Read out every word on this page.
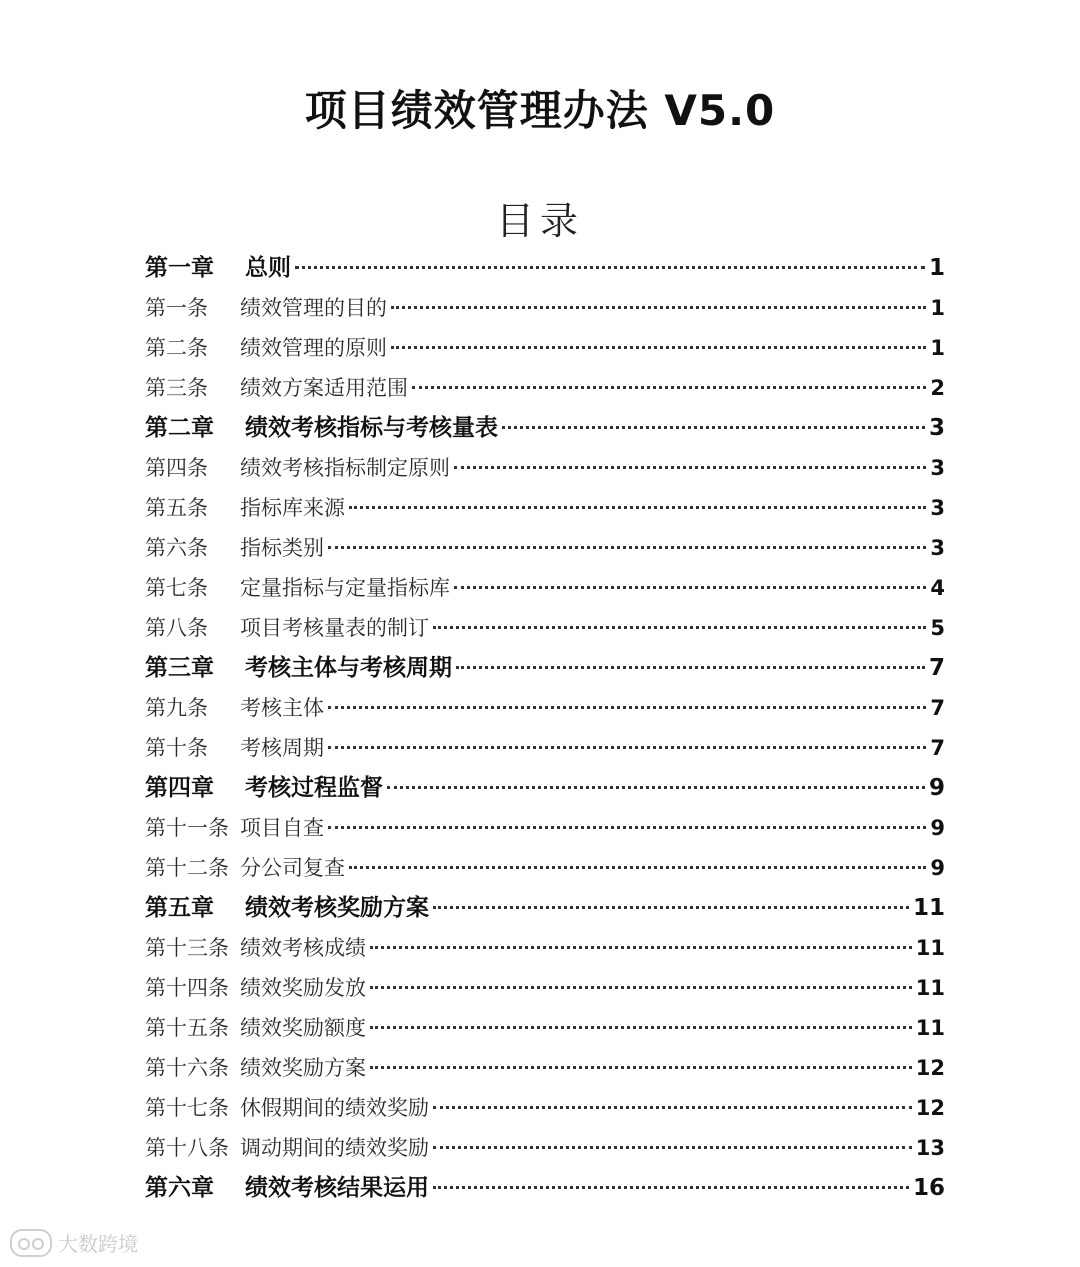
项目绩效管理办法 V5.0
目录
第一章	总则	1
第一条	绩效管理的目的	1
第二条	绩效管理的原则	1
第三条	绩效方案适用范围	2
第二章	绩效考核指标与考核量表	3
第四条	绩效考核指标制定原则	3
第五条	指标库来源	3
第六条	指标类别	3
第七条	定量指标与定量指标库	4
第八条	项目考核量表的制订	5
第三章	考核主体与考核周期	7
第九条	考核主体	7
第十条	考核周期	7
第四章	考核过程监督	9
第十一条 项目自查	9
第十二条 分公司复查	9
第五章	绩效考核奖励方案	11
第十三条 绩效考核成绩	11
第十四条 绩效奖励发放	11
第十五条 绩效奖励额度	11
第十六条 绩效奖励方案	12
第十七条 休假期间的绩效奖励	12
第十八条 调动期间的绩效奖励	13
第六章	绩效考核结果运用	16
大数跨境
